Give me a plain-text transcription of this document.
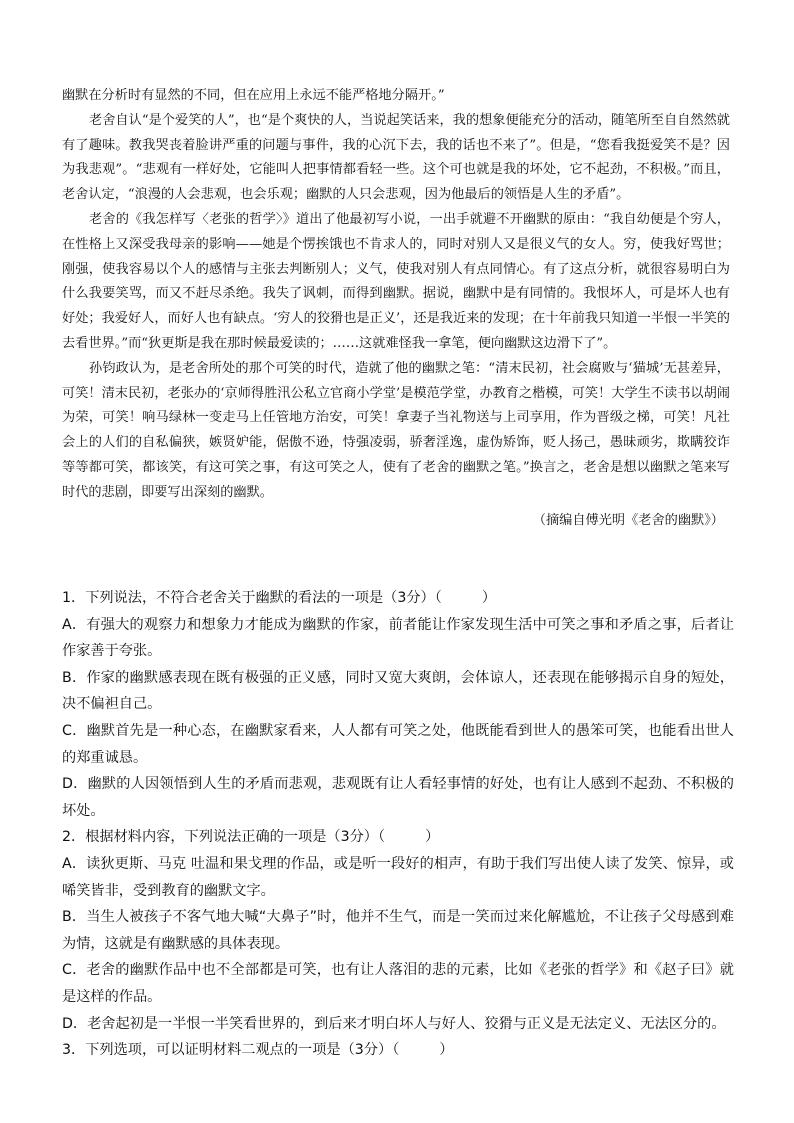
幽默在分析时有显然的不同，但在应用上永远不能严格地分隔开。”

老舍自认“是个爱笑的人”，也“是个爽快的人，当说起笑话来，我的想象便能充分的活动，随笔所至自自然然就有了趣味。教我哭丧着脸讲严重的问题与事件，我的心沉下去，我的话也不来了”。但是，“您看我挺爱笑不是？因为我悲观”。“悲观有一样好处，它能叫人把事情都看轻一些。这个可也就是我的坏处，它不起劲，不积极。”而且，老舍认定，“浪漫的人会悲观，也会乐观；幽默的人只会悲观，因为他最后的领悟是人生的矛盾”。

老舍的《我怎样写〈老张的哲学〉》道出了他最初写小说，一出手就避不开幽默的原由：“我自幼便是个穷人，在性格上又深受我母亲的影响——她是个愣挨饿也不肯求人的，同时对别人又是很义气的女人。穷，使我好骂世；刚强，使我容易以个人的感情与主张去判断别人；义气，使我对别人有点同情心。有了这点分析，就很容易明白为什么我要笑骂，而又不赶尽杀绝。我失了讽刺，而得到幽默。据说，幽默中是有同情的。我恨坏人，可是坏人也有好处；我爱好人，而好人也有缺点。‘穷人的狡猾也是正义’，还是我近来的发现；在十年前我只知道一半恨一半笑的去看世界。”而“狄更斯是我在那时候最爱读的；……这就难怪我一拿笔，便向幽默这边滑下了”。

孙钧政认为，是老舍所处的那个可笑的时代，造就了他的幽默之笔：“清末民初，社会腐败与‘猫城’无甚差异，可笑！清末民初，老张办的‘京师得胜汛公私立官商小学堂’是模范学堂，办教育之楷模，可笑！大学生不读书以胡闹为荣，可笑！响马绿林一变走马上任管地方治安，可笑！拿妻子当礼物送与上司享用，作为晋级之梯，可笑！凡社会上的人们的自私偏狭，嫉贤妒能，倨傲不逊，恃强凌弱，骄奢淫逸，虚伪矫饰，贬人扬己，愚昧顽劣，欺瞒狡诈等等都可笑，都该笑，有这可笑之事，有这可笑之人，使有了老舍的幽默之笔。”换言之，老舍是想以幽默之笔来写时代的悲剧，即要写出深刻的幽默。

（摘编自傅光明《老舍的幽默》）

1．下列说法，不符合老舍关于幽默的看法的一项是（3分）（	）

A．有强大的观察力和想象力才能成为幽默的作家，前者能让作家发现生活中可笑之事和矛盾之事，后者让作家善于夸张。

B．作家的幽默感表现在既有极强的正义感，同时又宽大爽朗，会体谅人，还表现在能够揭示自身的短处，决不偏袒自己。

C．幽默首先是一种心态，在幽默家看来，人人都有可笑之处，他既能看到世人的愚笨可笑，也能看出世人的郑重诚恳。

D．幽默的人因领悟到人生的矛盾而悲观，悲观既有让人看轻事情的好处，也有让人感到不起劲、不积极的坏处。

2．根据材料内容，下列说法正确的一项是（3分）（	）

A．读狄更斯、马克 吐温和果戈理的作品，或是听一段好的相声，有助于我们写出使人读了发笑、惊异，或唏笑皆非，受到教育的幽默文字。

B．当生人被孩子不客气地大喊“大鼻子”时，他并不生气，而是一笑而过来化解尴尬，不让孩子父母感到难为情，这就是有幽默感的具体表现。

C．老舍的幽默作品中也不全部都是可笑，也有让人落泪的悲的元素，比如《老张的哲学》和《赵子曰》就是这样的作品。

D．老舍起初是一半恨一半笑看世界的，到后来才明白坏人与好人、狡猾与正义是无法定义、无法区分的。

3．下列选项，可以证明材料二观点的一项是（3分）（	）
